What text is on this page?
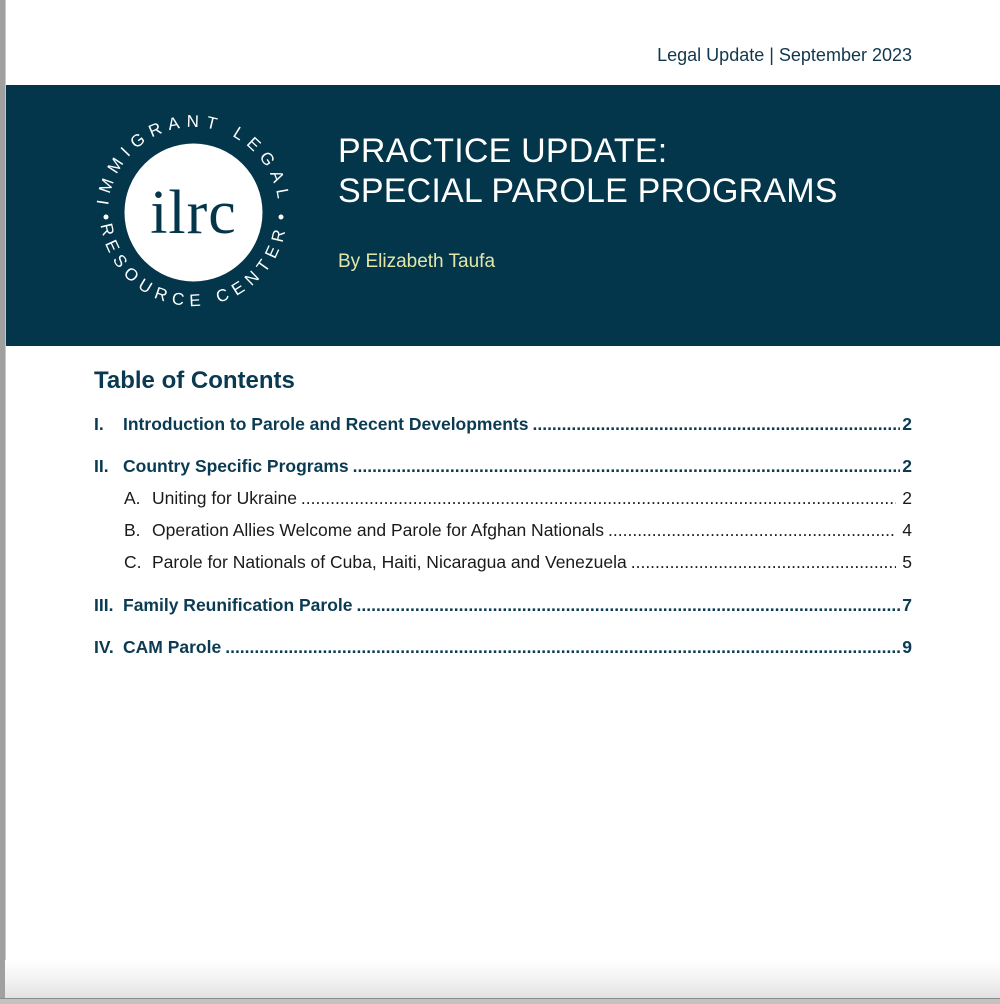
Legal Update | September 2023
ilrc
IMMIGRANT LEGAL
RESOURCE CENTER
PRACTICE UPDATE:
SPECIAL PAROLE PROGRAMS
By Elizabeth Taufa
Table of Contents
I.	Introduction to Parole and Recent Developments .....	2
II. Country Specific Programs .....	2
A. Uniting for Ukraine .....	2
B. Operation Allies Welcome and Parole for Afghan Nationals .....	4
C. Parole for Nationals of Cuba, Haiti, Nicaragua and Venezuela .....	5
III. Family Reunification Parole .....	7
IV. CAM Parole .....	9
